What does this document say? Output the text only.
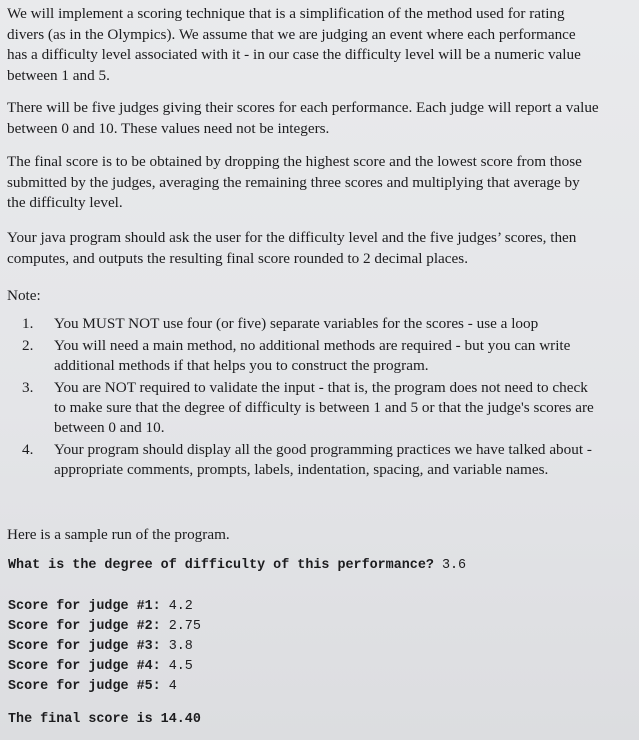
We will implement a scoring technique that is a simplification of the method used for rating
divers (as in the Olympics). We assume that we are judging an event where each performance
has a difficulty level associated with it - in our case the difficulty level will be a numeric value
between 1 and 5.

There will be five judges giving their scores for each performance. Each judge will report a value
between 0 and 10. These values need not be integers.

The final score is to be obtained by dropping the highest score and the lowest score from those
submitted by the judges, averaging the remaining three scores and multiplying that average by
the difficulty level.

Your java program should ask the user for the difficulty level and the five judges’ scores, then
computes, and outputs the resulting final score rounded to 2 decimal places.

Note:

1. You MUST NOT use four (or five) separate variables for the scores - use a loop
2. You will need a main method, no additional methods are required - but you can write
additional methods if that helps you to construct the program.
3. You are NOT required to validate the input - that is, the program does not need to check
to make sure that the degree of difficulty is between 1 and 5 or that the judge's scores are
between 0 and 10.
4. Your program should display all the good programming practices we have talked about -
appropriate comments, prompts, labels, indentation, spacing, and variable names.

Here is a sample run of the program.

What is the degree of difficulty of this performance? 3.6
Score for judge #1: 4.2
Score for judge #2: 2.75
Score for judge #3: 3.8
Score for judge #4: 4.5
Score for judge #5: 4
The final score is 14.40
